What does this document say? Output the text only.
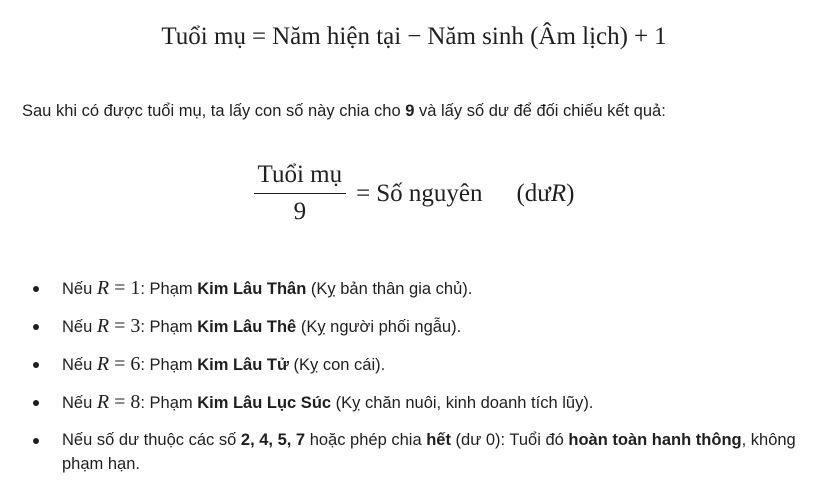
Tuổi mụ = Năm hiện tại − Năm sinh (Âm lịch) + 1
Sau khi có được tuổi mụ, ta lấy con số này chia cho 9 và lấy số dư để đối chiếu kết quả:
$\frac{\text{Tuổi mụ}}{9}$ = Số nguyên (dư R )
Nếu R = 1: Phạm Kim Lâu Thân (Kỵ bản thân gia chủ).
Nếu R = 3: Phạm Kim Lâu Thê (Kỵ người phối ngẫu).
Nếu R = 6: Phạm Kim Lâu Tử (Kỵ con cái).
Nếu R = 8: Phạm Kim Lâu Lục Súc (Kỵ chăn nuôi, kinh doanh tích lũy).
Nếu số dư thuộc các số 2, 4, 5, 7 hoặc phép chia hết (dư 0): Tuổi đó hoàn toàn hanh thông, không phạm hạn.
